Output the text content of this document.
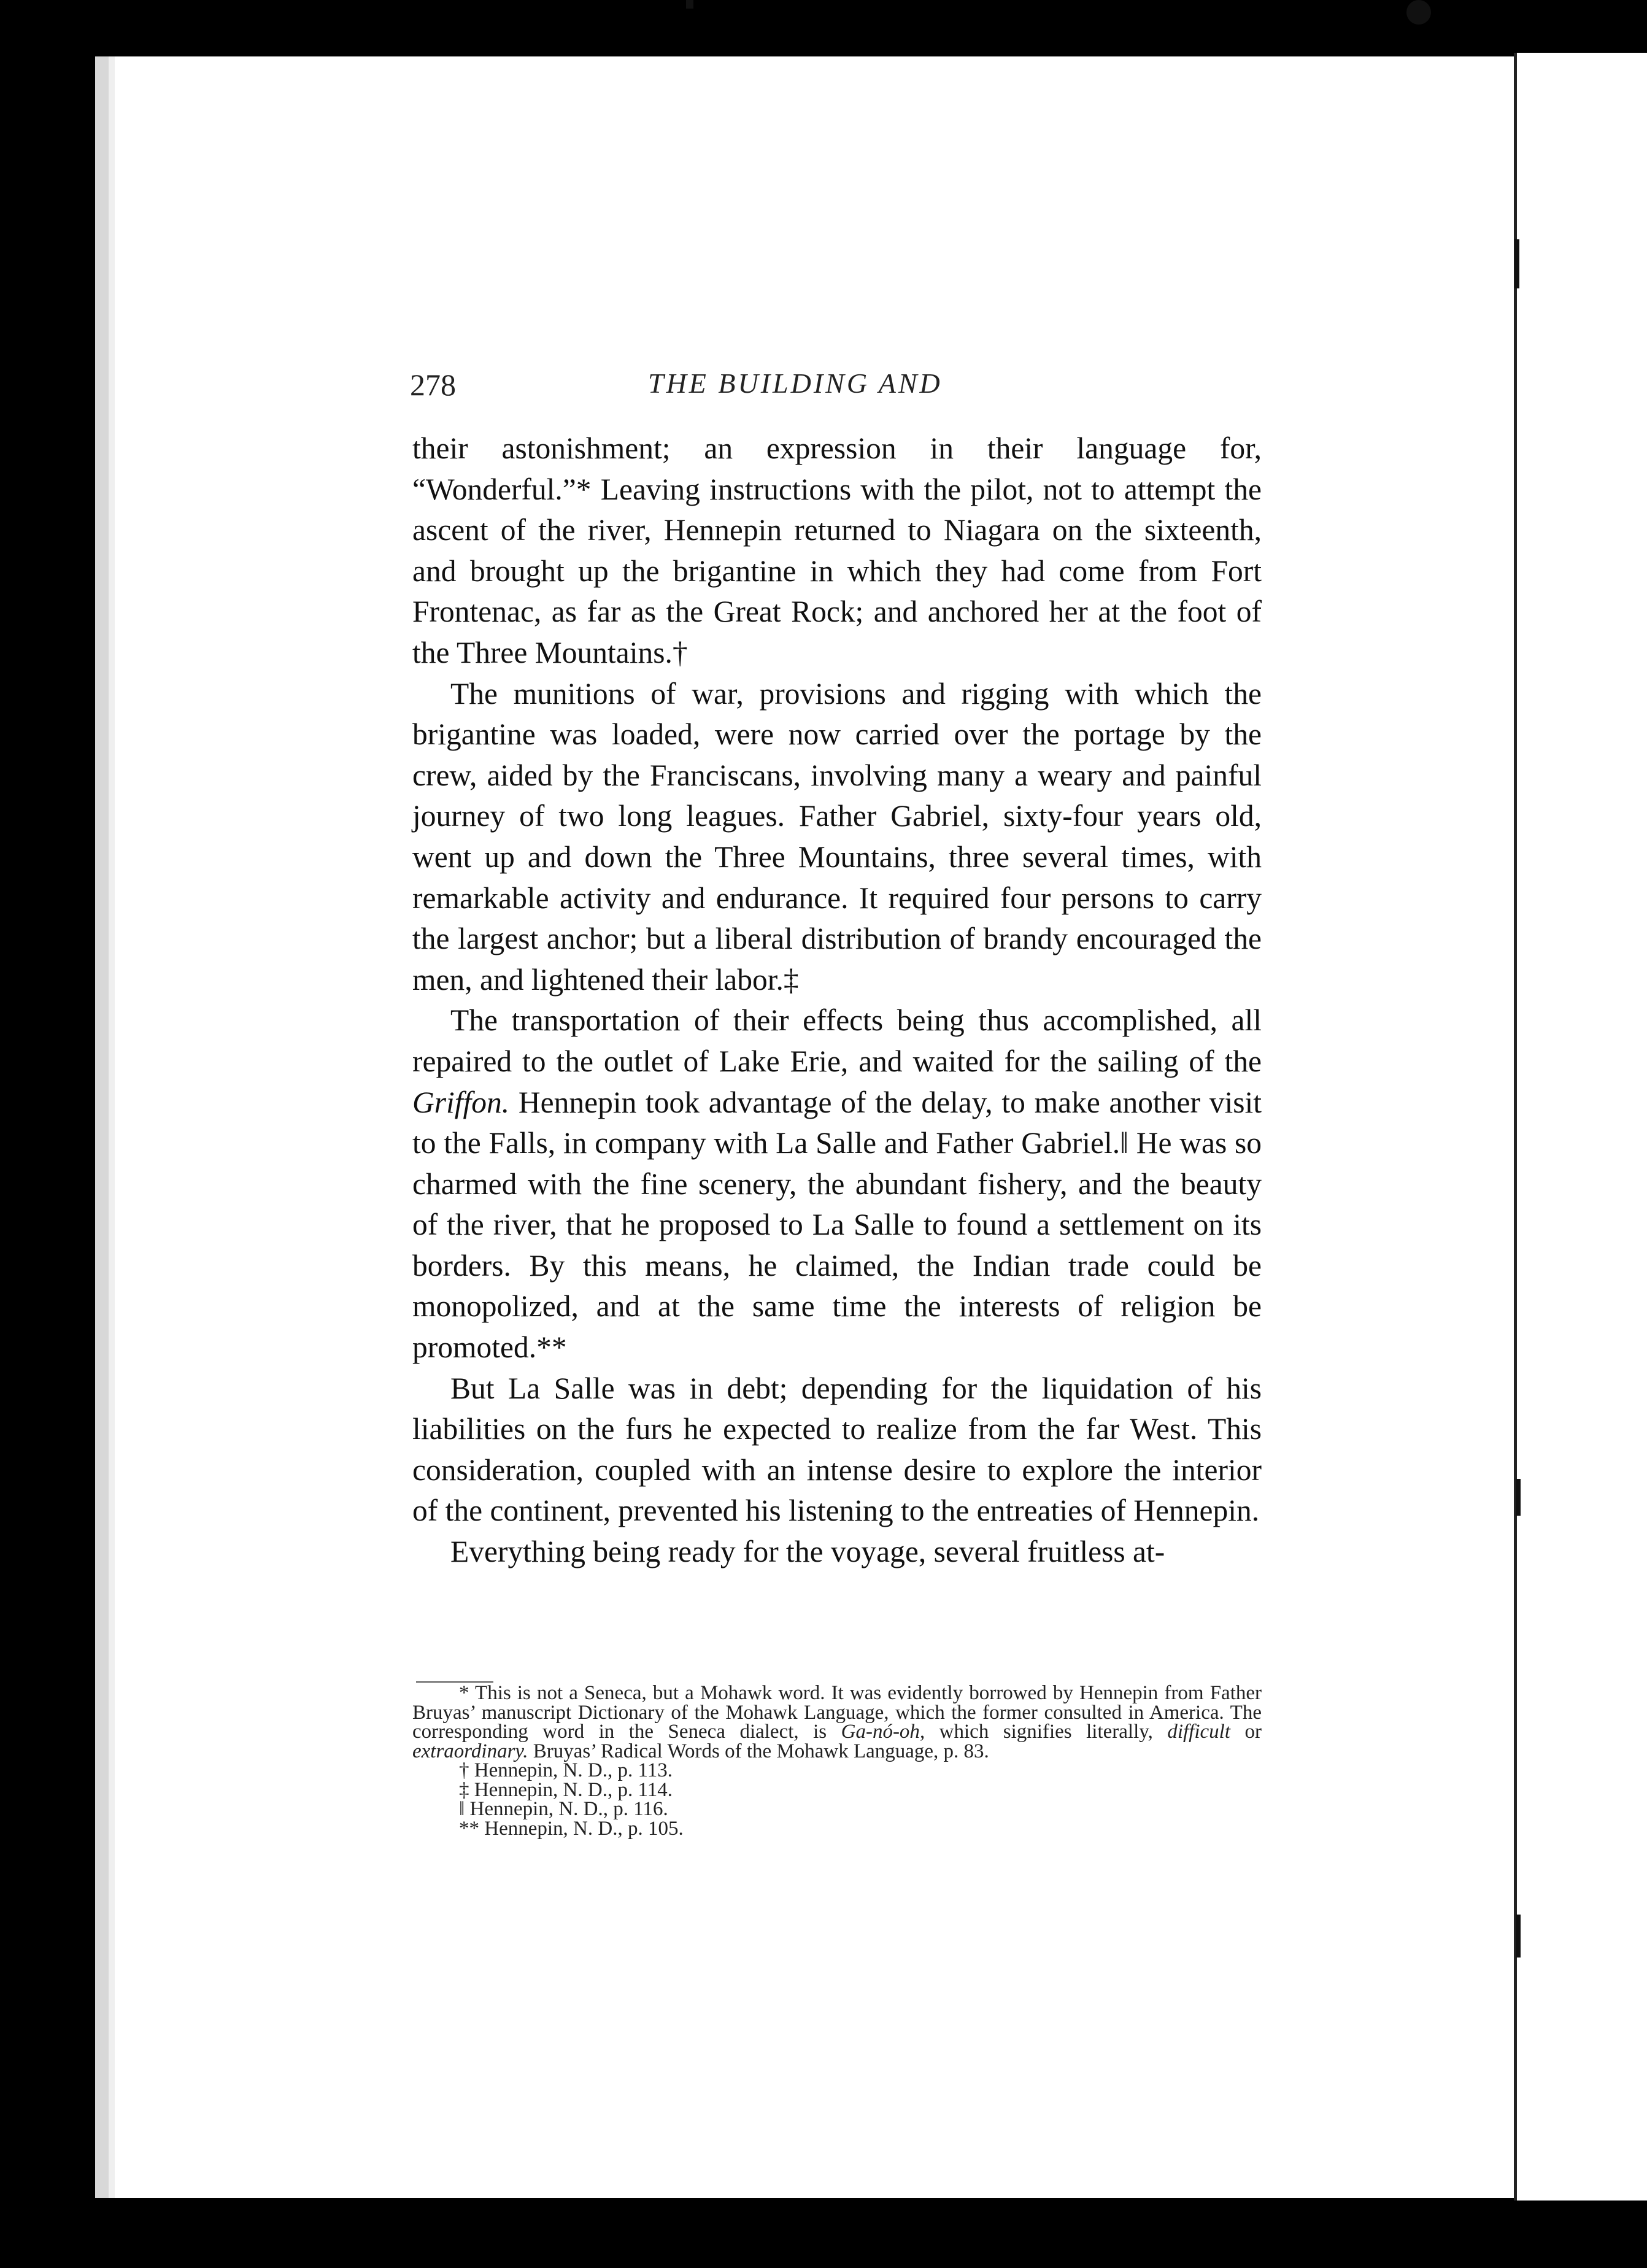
278	THE BUILDING AND

their astonishment; an expression in their language for, “Wonderful.”* Leaving instructions with the pilot, not to attempt the ascent of the river, Hennepin returned to Niagara on the sixteenth, and brought up the brigantine in which they had come from Fort Frontenac, as far as the Great Rock; and anchored her at the foot of the Three Mountains.†

The munitions of war, provisions and rigging with which the brigantine was loaded, were now carried over the portage by the crew, aided by the Franciscans, involving many a weary and painful journey of two long leagues. Father Gabriel, sixty-four years old, went up and down the Three Mountains, three several times, with remarkable activity and endurance. It required four persons to carry the largest anchor; but a liberal distribution of brandy encouraged the men, and lightened their labor.‡

The transportation of their effects being thus accomplished, all repaired to the outlet of Lake Erie, and waited for the sailing of the Griffon. Hennepin took advantage of the delay, to make another visit to the Falls, in company with La Salle and Father Gabriel.‖ He was so charmed with the fine scenery, the abundant fishery, and the beauty of the river, that he proposed to La Salle to found a settlement on its borders. By this means, he claimed, the Indian trade could be monopolized, and at the same time the interests of religion be promoted.**

But La Salle was in debt; depending for the liquidation of his liabilities on the furs he expected to realize from the far West. This consideration, coupled with an intense desire to explore the interior of the continent, prevented his listening to the entreaties of Hennepin.

Everything being ready for the voyage, several fruitless at-

* This is not a Seneca, but a Mohawk word. It was evidently borrowed by Hennepin from Father Bruyas’ manuscript Dictionary of the Mohawk Language, which the former consulted in America. The corresponding word in the Seneca dialect, is Ga-nó-oh, which signifies literally, difficult or extraordinary. Bruyas’ Radical Words of the Mohawk Language, p. 83.

† Hennepin, N. D., p. 113.

‡ Hennepin, N. D., p. 114.

‖ Hennepin, N. D., p. 116.

** Hennepin, N. D., p. 105.
